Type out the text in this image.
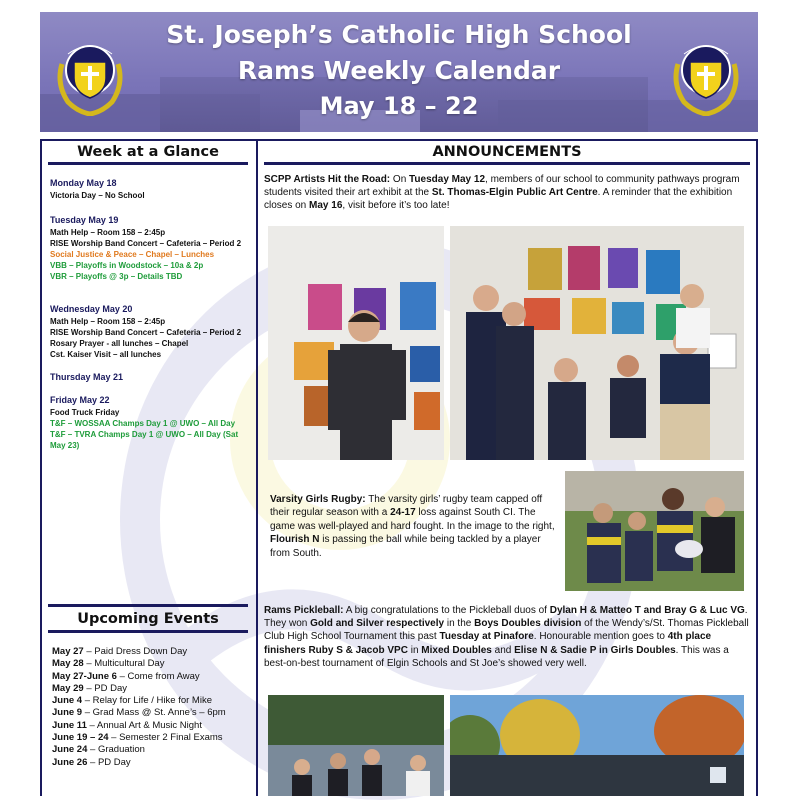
St. Joseph’s Catholic High School
Rams Weekly Calendar
May 18 – 22
Week at a Glance
Monday May 18
Victoria Day – No School
Tuesday May 19
Math Help – Room 158 – 2:45p
RISE Worship Band Concert – Cafeteria – Period 2
Social Justice & Peace – Chapel – Lunches
VBB – Playoffs in Woodstock – 10a & 2p
VBR – Playoffs @ 3p – Details TBD
Wednesday May 20
Math Help – Room 158 – 2:45p
RISE Worship Band Concert – Cafeteria – Period 2
Rosary Prayer - all lunches – Chapel
Cst. Kaiser Visit – all lunches
Thursday May 21
Friday May 22
Food Truck Friday
T&F – WOSSAA Champs Day 1 @ UWO – All Day
T&F – TVRA Champs Day 1 @ UWO – All Day (Sat May 23)
Upcoming Events
May 27 – Paid Dress Down Day
May 28 – Multicultural Day
May 27-June 6 – Come from Away
May 29 – PD Day
June 4 – Relay for Life / Hike for Mike
June 9 – Grad Mass @ St. Anne’s – 6pm
June 11 – Annual Art & Music Night
June 19 – 24 – Semester 2 Final Exams
June 24 – Graduation
June 26 – PD Day
ANNOUNCEMENTS
SCPP Artists Hit the Road: On Tuesday May 12, members of our school to community pathways program students visited their art exhibit at the St. Thomas-Elgin Public Art Centre. A reminder that the exhibition closes on May 16, visit before it’s too late!
Varsity Girls Rugby: The varsity girls’ rugby team capped off their regular season with a 24-17 loss against South CI. The game was well-played and hard fought. In the image to the right, Flourish N is passing the ball while being tackled by a player from South.
Rams Pickleball: A big congratulations to the Pickleball duos of Dylan H & Matteo T and Bray G & Luc VG. They won Gold and Silver respectively in the Boys Doubles division of the Wendy’s/St. Thomas Pickleball Club High School Tournament this past Tuesday at Pinafore. Honourable mention goes to 4th place finishers Ruby S & Jacob VPC in Mixed Doubles and Elise N & Sadie P in Girls Doubles. This was a best-on-best tournament of Elgin Schools and St Joe’s showed very well.
